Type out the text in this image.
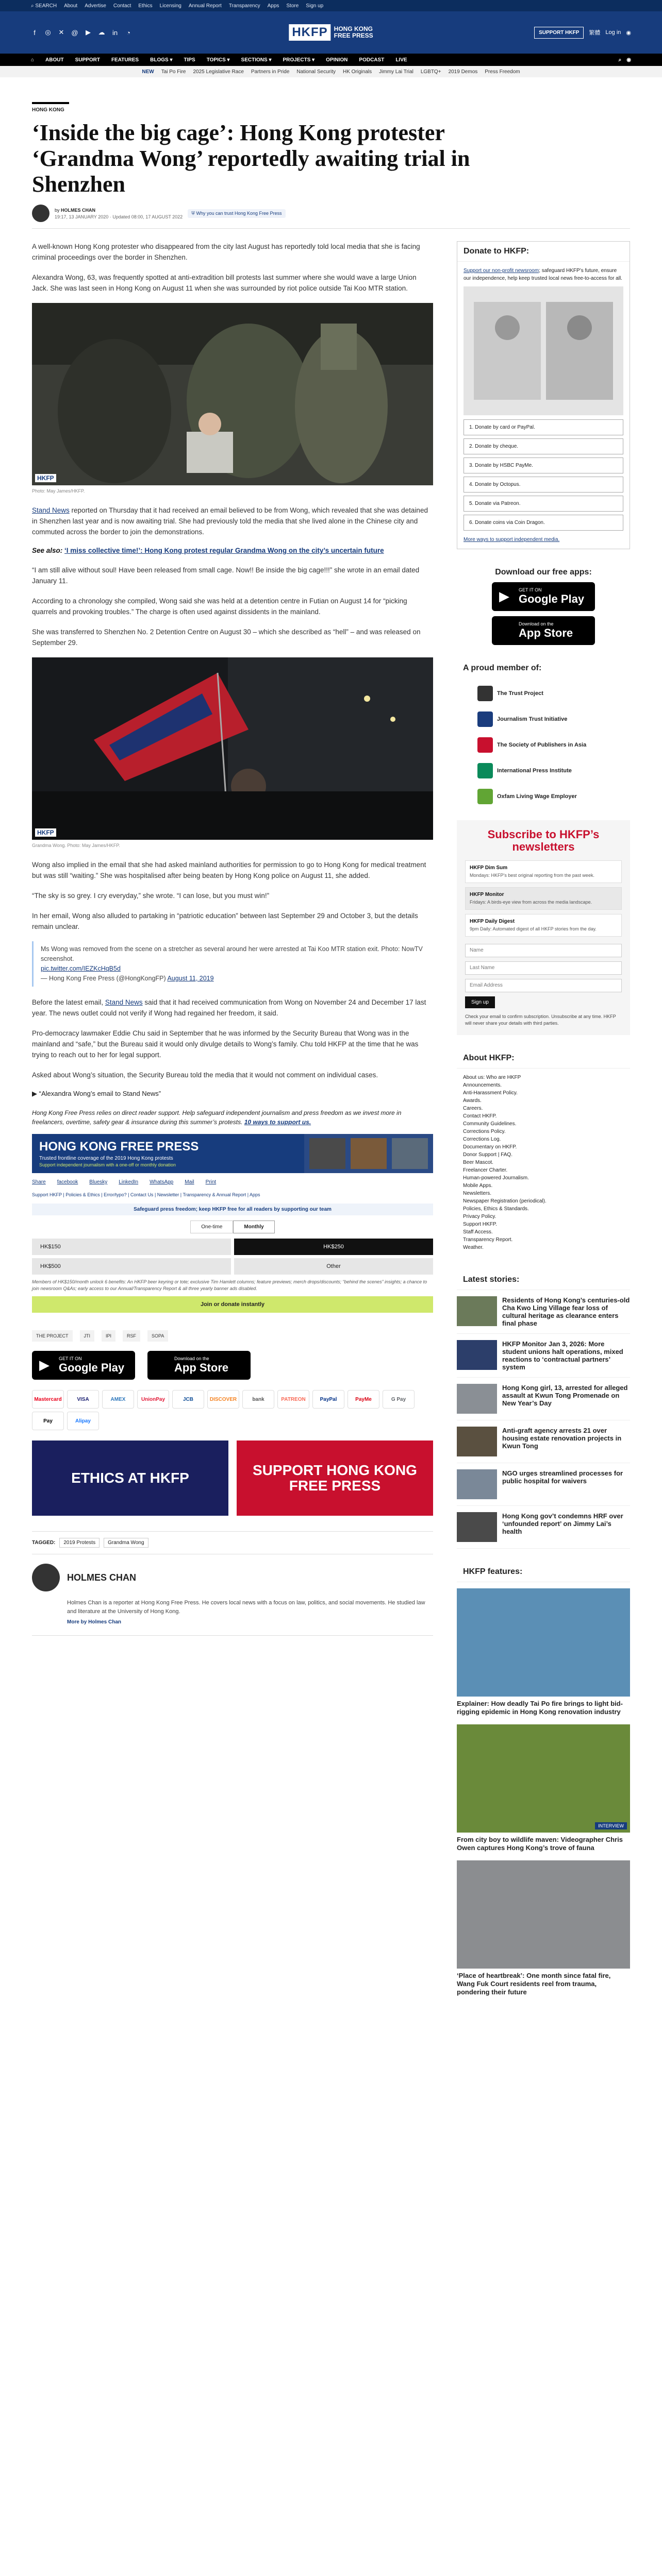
⌕ SEARCH About Advertise Contact Ethics Licensing Annual Report Transparency Apps Store Sign up
f	◎ ✕ @ ▶ ☁ in ◔	HKFP	HONG KONG
FREE PRESS	SUPPORT HKFP	繁體 Log in ◉
⌂ ABOUT SUPPORT FEATURES BLOGS ▾ TIPS TOPICS ▾ SECTIONS ▾ PROJECTS ▾ OPINION PODCAST LIVE	⌕ ◉
NEW Tai Po Fire 2025 Legislative Race Partners in Pride National Security HK Originals Jimmy Lai Trial LGBTQ+ 2019 Demos Press Freedom
HONG KONG
‘Inside the big cage’: Hong Kong protester ‘Grandma Wong’ reportedly awaiting trial in Shenzhen
by HOLMES CHAN
19:17, 13 JANUARY 2020 · Updated 08:00, 17 AUGUST 2022
⛨ Why you can trust Hong Kong Free Press

A well-known Hong Kong protester who disappeared from the city last August has reportedly told local media that she is facing criminal proceedings over the border in Shenzhen.

Alexandra Wong, 63, was frequently spotted at anti-extradition bill protests last summer where she would wave a large Union Jack. She was last seen in Hong Kong on August 11 when she was surrounded by riot police outside Tai Koo MTR station.

HKFP
Photo: May James/HKFP.

Stand News reported on Thursday that it had received an email believed to be from Wong, which revealed that she was detained in Shenzhen last year and is now awaiting trial. She had previously told the media that she lived alone in the Chinese city and commuted across the border to join the demonstrations.

See also: ‘I miss collective time!’: Hong Kong protest regular Grandma Wong on the city’s uncertain future

“I am still alive without soul! Have been released from small cage. Now!! Be inside the big cage!!!” she wrote in an email dated January 11.

According to a chronology she compiled, Wong said she was held at a detention centre in Futian on August 14 for “picking quarrels and provoking troubles.” The charge is often used against dissidents in the mainland.

She was transferred to Shenzhen No. 2 Detention Centre on August 30 – which she described as “hell” – and was released on September 29.

HKFP
Grandma Wong. Photo: May James/HKFP.

Wong also implied in the email that she had asked mainland authorities for permission to go to Hong Kong for medical treatment but was still “waiting.” She was hospitalised after being beaten by Hong Kong police on August 11, she added.

“The sky is so grey. I cry everyday,” she wrote. “I can lose, but you must win!”

In her email, Wong also alluded to partaking in “patriotic education” between last September 29 and October 3, but the details remain unclear.

Ms Wong was removed from the scene on a stretcher as several around her were arrested at Tai Koo MTR station exit. Photo: NowTV screenshot.
pic.twitter.com/IEZKcHqB5d
— Hong Kong Free Press (@HongKongFP) August 11, 2019

Before the latest email, Stand News said that it had received communication from Wong on November 24 and December 17 last year. The news outlet could not verify if Wong had regained her freedom, it said.

Pro-democracy lawmaker Eddie Chu said in September that he was informed by the Security Bureau that Wong was in the mainland and “safe,” but the Bureau said it would only divulge details to Wong’s family. Chu told HKFP at the time that he was trying to reach out to her for legal support.

Asked about Wong’s situation, the Security Bureau told the media that it would not comment on individual cases.

▶ “Alexandra Wong’s email to Stand News”
Hong Kong Free Press relies on direct reader support. Help safeguard independent journalism and press freedom as we invest more in freelancers, overtime, safety gear & insurance during this summer’s protests. 10 ways to support us.
HONG KONG FREE PRESS
Trusted frontline coverage of the 2019 Hong Kong protests
Support independent journalism with a one-off or monthly donation
Share facebook Bluesky LinkedIn WhatsApp Mail Print
Support HKFP | Policies & Ethics | Error/typo? | Contact Us | Newsletter | Transparency & Annual Report | Apps
Safeguard press freedom; keep HKFP free for all readers by supporting our team
One-time	Monthly
HK$150	HK$250
HK$500	Other
Members of HK$150/month unlock 6 benefits: An HKFP beer keyring or tote; exclusive Tim Hamlett columns; feature previews; merch drops/discounts; “behind the scenes” insights; a chance to join newsroom Q&As; early access to our Annual/Transparency Report & all three yearly banner ads disabled.
Join or donate instantly
THE PROJECT	JTI	IPI	RSF	SOPA
▶ GET IT ON
Google Play
Download on the
App Store
Mastercard	VISA	AMEX	UnionPay	JCB	DISCOVER	bank	PATREON	PayPal	PayMe	G Pay
Pay	Alipay
ETHICS AT HKFP	SUPPORT HONG KONG FREE PRESS
TAGGED:	2019 Protests	Grandma Wong
HOLMES CHAN

Holmes Chan is a reporter at Hong Kong Free Press. He covers local news with a focus on law, politics, and social movements. He studied law and literature at the University of Hong Kong.

More by Holmes Chan
Donate to HKFP:
Support our non-profit newsroom; safeguard HKFP’s future, ensure our independence, help keep trusted local news free-to-access for all.
1. Donate by card or PayPal.
2. Donate by cheque.
3. Donate by HSBC PayMe.
4. Donate by Octopus.
5. Donate via Patreon.
6. Donate coins via Coin Dragon.
More ways to support independent media.
Download our free apps:
▶ GET IT ON
Google Play
Download on the
App Store
A proud member of:
The Trust Project
Journalism Trust Initiative
The Society of Publishers in Asia
International Press Institute
Oxfam Living Wage Employer
Subscribe to HKFP’s newsletters
HKFP Dim Sum
Mondays: HKFP’s best original reporting from the past week.
HKFP Monitor
Fridays: A birds-eye view from across the media landscape.
HKFP Daily Digest
9pm Daily: Automated digest of all HKFP stories from the day.
Name
Last Name
Email Address
Sign up
Check your email to confirm subscription. Unsubscribe at any time. HKFP will never share your details with third parties.
About HKFP:
About us: Who are HKFP
Announcements.
Anti-Harassment Policy.
Awards.
Careers.
Contact HKFP.
Community Guidelines.
Corrections Policy.
Corrections Log.
Documentary on HKFP.
Donor Support | FAQ.
Beer Mascot.
Freelancer Charter.
Human-powered Journalism.
Mobile Apps.
Newsletters.
Newspaper Registration (periodical).
Policies, Ethics & Standards.
Privacy Policy.
Support HKFP.
Staff Access.
Transparency Report.
Weather.
Latest stories:
Residents of Hong Kong’s centuries-old Cha Kwo Ling Village fear loss of cultural heritage as clearance enters final phase
HKFP Monitor Jan 3, 2026: More student unions halt operations, mixed reactions to ‘contractual partners’ system
Hong Kong girl, 13, arrested for alleged assault at Kwun Tong Promenade on New Year’s Day
Anti-graft agency arrests 21 over housing estate renovation projects in Kwun Tong
NGO urges streamlined processes for public hospital for waivers
Hong Kong gov’t condemns HRF over ‘unfounded report’ on Jimmy Lai’s health
HKFP features:
Explainer: How deadly Tai Po fire brings to light bid-rigging epidemic in Hong Kong renovation industry
INTERVIEW
From city boy to wildlife maven: Videographer Chris Owen captures Hong Kong’s trove of fauna
‘Place of heartbreak’: One month since fatal fire, Wang Fuk Court residents reel from trauma, pondering their future
